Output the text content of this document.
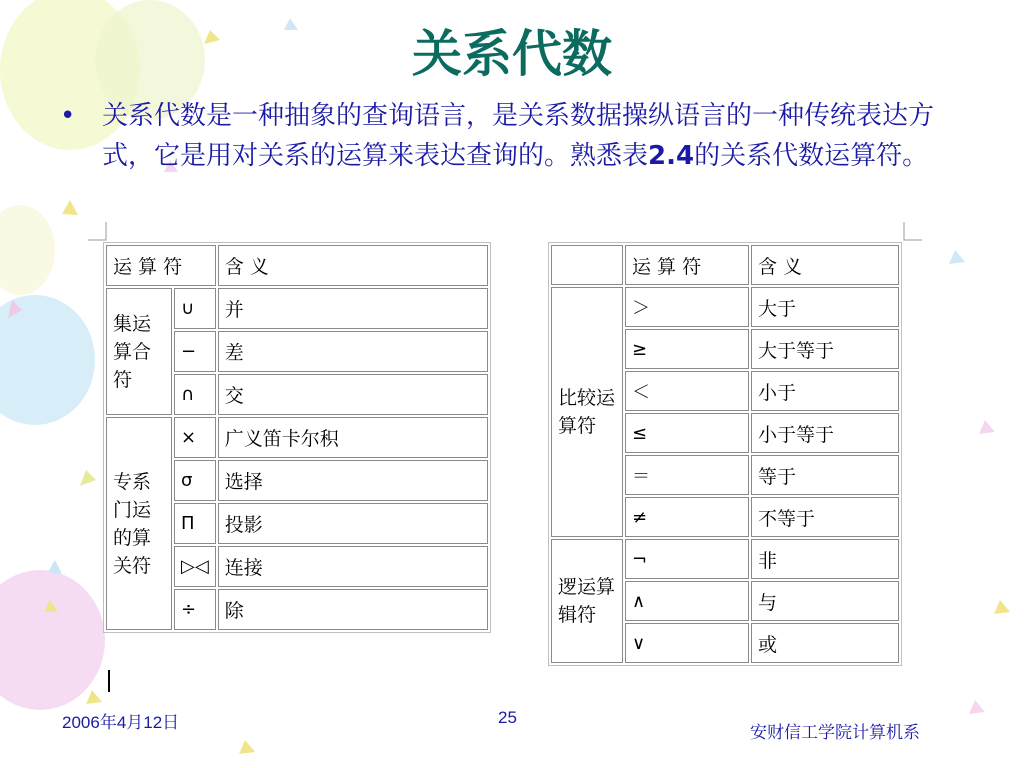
关系代数
• 关系代数是一种抽象的查询语言，是关系数据操纵语言的一种传统表达方式，它是用对关系的运算来表达查询的。熟悉表2.4的关系代数运算符。
运 算 符		含 义
集运算合符	∪	并
	−	差
	∩	交
专系门运的算关符	×	广义笛卡尔积
	σ	选择
	Π	投影
	▷◁	连接
	÷	除
	运 算 符	含 义
比较运算符	＞	大于
	≥	大于等于
	＜	小于
	≤	小于等于
	＝	等于
	≠	不等于
逻运算辑符	¬	非
	∧	与
	∨	或
2006年4月12日	25
安财信工学院计算机系
